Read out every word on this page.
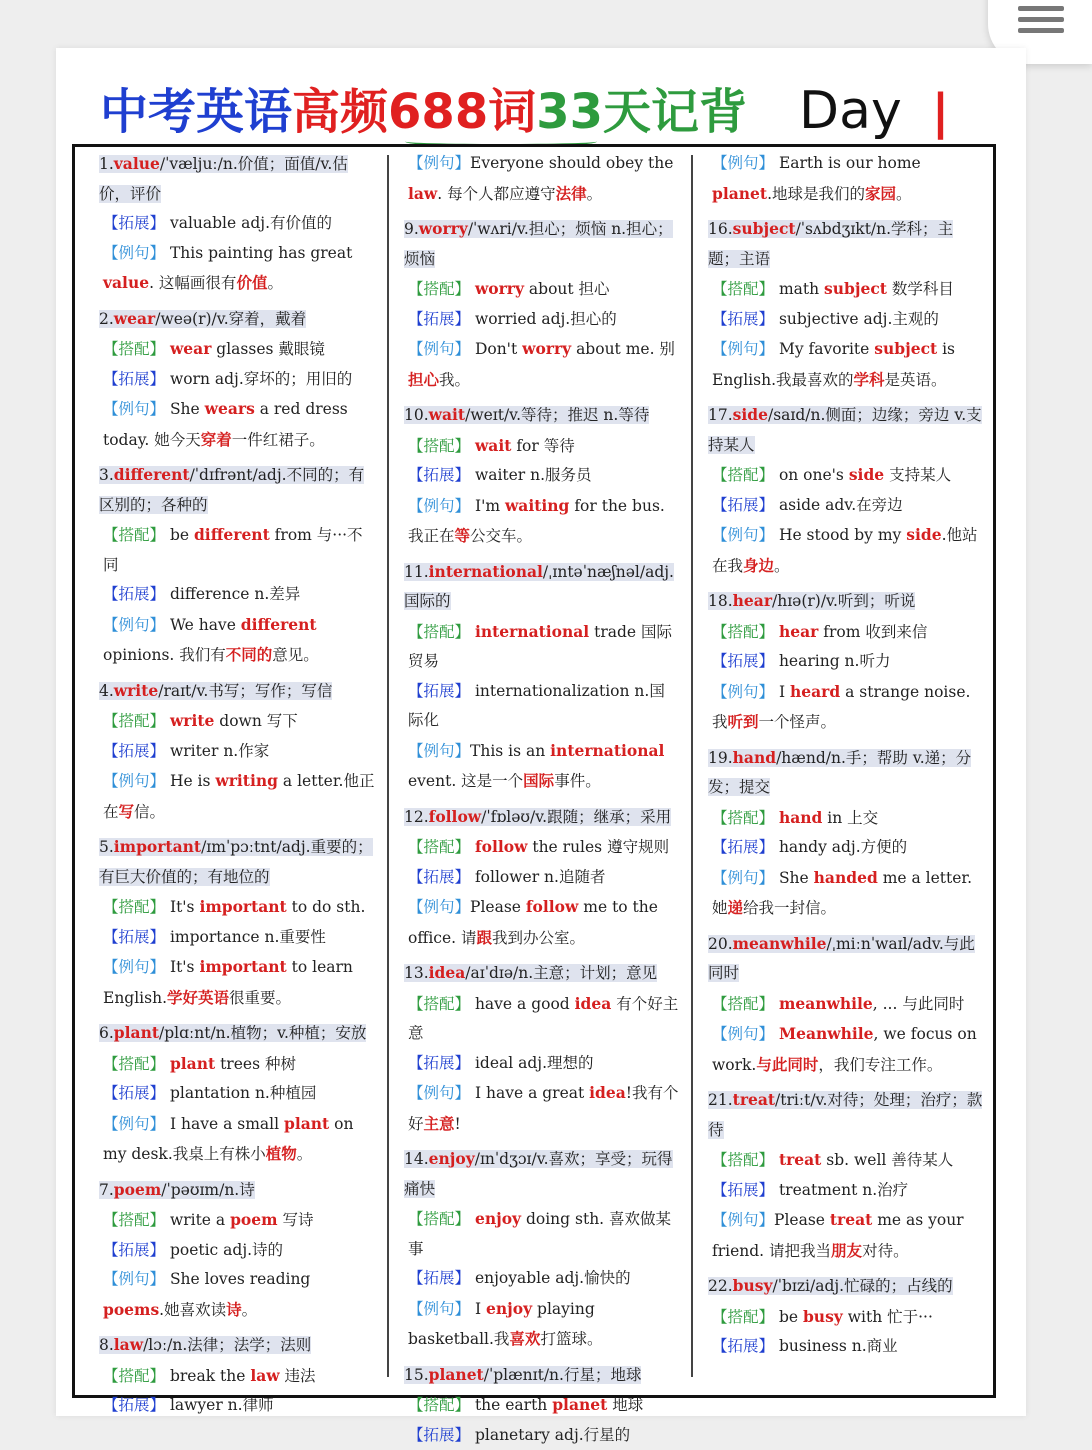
中考英语高频688词33天记背 Day |
1.value/ˈvæljuː/n.价值；面值/v.估价，评价
【拓展】 valuable adj.有价值的
【例句】 This painting has great value. 这幅画很有价值。
2.wear/weə(r)/v.穿着，戴着
【搭配】 wear glasses 戴眼镜
【拓展】 worn adj.穿坏的；用旧的
【例句】 She wears a red dress today. 她今天穿着一件红裙子。
3.different/ˈdɪfrənt/adj.不同的；有区别的；各种的
【搭配】 be different from 与···不同
【拓展】 difference n.差异
【例句】 We have different opinions. 我们有不同的意见。
4.write/raɪt/v.书写；写作；写信
【搭配】 write down 写下
【拓展】 writer n.作家
【例句】 He is writing a letter.他正在写信。
5.important/ɪmˈpɔːtnt/adj.重要的；有巨大价值的；有地位的
【搭配】 It's important to do sth.
【拓展】 importance n.重要性
【例句】 It's important to learn English.学好英语很重要。
6.plant/plɑːnt/n.植物；v.种植；安放
【搭配】 plant trees 种树
【拓展】 plantation n.种植园
【例句】 I have a small plant on my desk.我桌上有株小植物。
7.poem/ˈpəʊɪm/n.诗
【搭配】 write a poem 写诗
【拓展】 poetic adj.诗的
【例句】 She loves reading poems.她喜欢读诗。
8.law/lɔː/n.法律；法学；法则
【搭配】 break the law 违法
【拓展】 lawyer n.律师
【例句】Everyone should obey the law. 每个人都应遵守法律。
9.worry/ˈwʌri/v.担心；烦恼 n.担心；烦恼
【搭配】 worry about 担心
【拓展】 worried adj.担心的
【例句】 Don't worry about me. 别担心我。
10.wait/weɪt/v.等待；推迟 n.等待
【搭配】 wait for 等待
【拓展】 waiter n.服务员
【例句】 I'm waiting for the bus.我正在等公交车。
11.international/ˌɪntəˈnæʃnəl/adj.国际的
【搭配】 international trade 国际贸易
【拓展】 internationalization n.国际化
【例句】This is an international event. 这是一个国际事件。
12.follow/ˈfɒləʊ/v.跟随；继承；采用
【搭配】 follow the rules 遵守规则
【拓展】 follower n.追随者
【例句】Please follow me to the office. 请跟我到办公室。
13.idea/aɪˈdɪə/n.主意；计划；意见
【搭配】 have a good idea 有个好主意
【拓展】 ideal adj.理想的
【例句】 I have a great idea!我有个好主意!
14.enjoy/ɪnˈdʒɔɪ/v.喜欢；享受；玩得痛快
【搭配】 enjoy doing sth. 喜欢做某事
【拓展】 enjoyable adj.愉快的
【例句】 I enjoy playing basketball.我喜欢打篮球。
15.planet/ˈplænɪt/n.行星；地球
【搭配】 the earth planet 地球
【拓展】 planetary adj.行星的
【例句】 Earth is our home planet.地球是我们的家园。
16.subject/ˈsʌbdʒɪkt/n.学科；主题；主语
【搭配】 math subject 数学科目
【拓展】 subjective adj.主观的
【例句】 My favorite subject is English.我最喜欢的学科是英语。
17.side/saɪd/n.侧面；边缘；旁边 v.支持某人
【搭配】 on one's side 支持某人
【拓展】 aside adv.在旁边
【例句】 He stood by my side.他站在我身边。
18.hear/hɪə(r)/v.听到；听说
【搭配】 hear from 收到来信
【拓展】 hearing n.听力
【例句】 I heard a strange noise.我听到一个怪声。
19.hand/hænd/n.手；帮助 v.递；分发；提交
【搭配】 hand in 上交
【拓展】 handy adj.方便的
【例句】 She handed me a letter.她递给我一封信。
20.meanwhile/ˌmiːnˈwaɪl/adv.与此同时
【搭配】 meanwhile, ... 与此同时
【例句】 Meanwhile, we focus on work.与此同时，我们专注工作。
21.treat/triːt/v.对待；处理；治疗；款待
【搭配】 treat sb. well 善待某人
【拓展】 treatment n.治疗
【例句】Please treat me as your friend. 请把我当朋友对待。
22.busy/ˈbɪzi/adj.忙碌的；占线的
【搭配】 be busy with 忙于···
【拓展】 business n.商业
